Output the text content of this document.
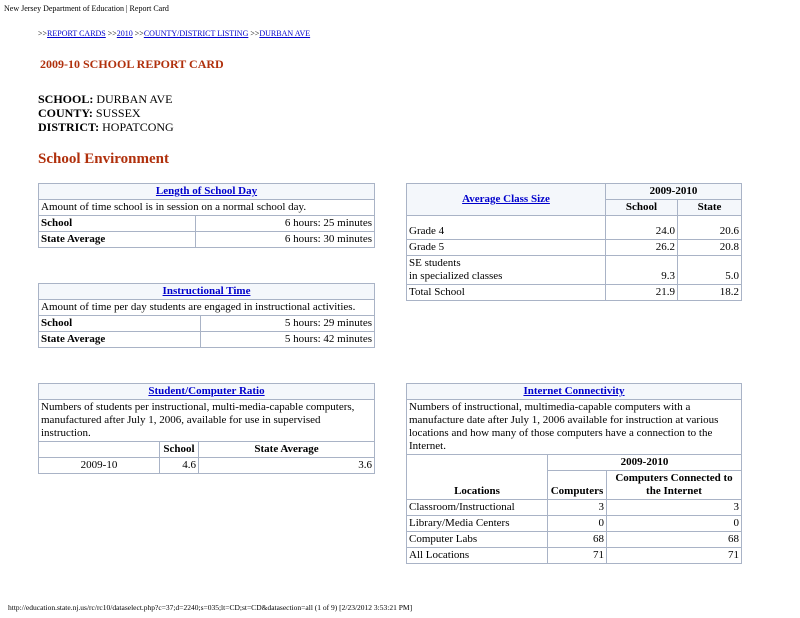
New Jersey Department of Education | Report Card
>>REPORT CARDS >>2010 >>COUNTY/DISTRICT LISTING >>DURBAN AVE
2009-10 SCHOOL REPORT CARD
SCHOOL: DURBAN AVE
COUNTY: SUSSEX
DISTRICT: HOPATCONG
School Environment
Length of School Day	
Amount of time school is in session on a normal school day.	
School	6 hours: 25 minutes
State Average	6 hours: 30 minutes
Instructional Time	
Amount of time per day students are engaged in instructional activities.	
School	5 hours: 29 minutes
State Average	5 hours: 42 minutes
Student/Computer Ratio		
Numbers of students per instructional, multi-media-capable computers, manufactured after July 1, 2006, available for use in supervised instruction.		
	School	State Average
2009-10	4.6	3.6
Average Class Size	2009-2010	
	School	State
Grade 4	24.0	20.6
Grade 5	26.2	20.8

SE students
in specialized classes	9.3	5.0
Total School	21.9	18.2
Internet Connectivity		
Numbers of instructional, multimedia-capable computers with a manufacture date after July 1, 2006 available for instruction at various locations and how many of those computers have a connection to the Internet.		
Locations	2009-2010	
	Computers	Computers Connected to the Internet
Classroom/Instructional	3	3
Library/Media Centers	0	0
Computer Labs	68	68
All Locations	71	71
http://education.state.nj.us/rc/rc10/dataselect.php?c=37;d=2240;s=035;lt=CD;st=CD&datasection=all (1 of 9) [2/23/2012 3:53:21 PM]
